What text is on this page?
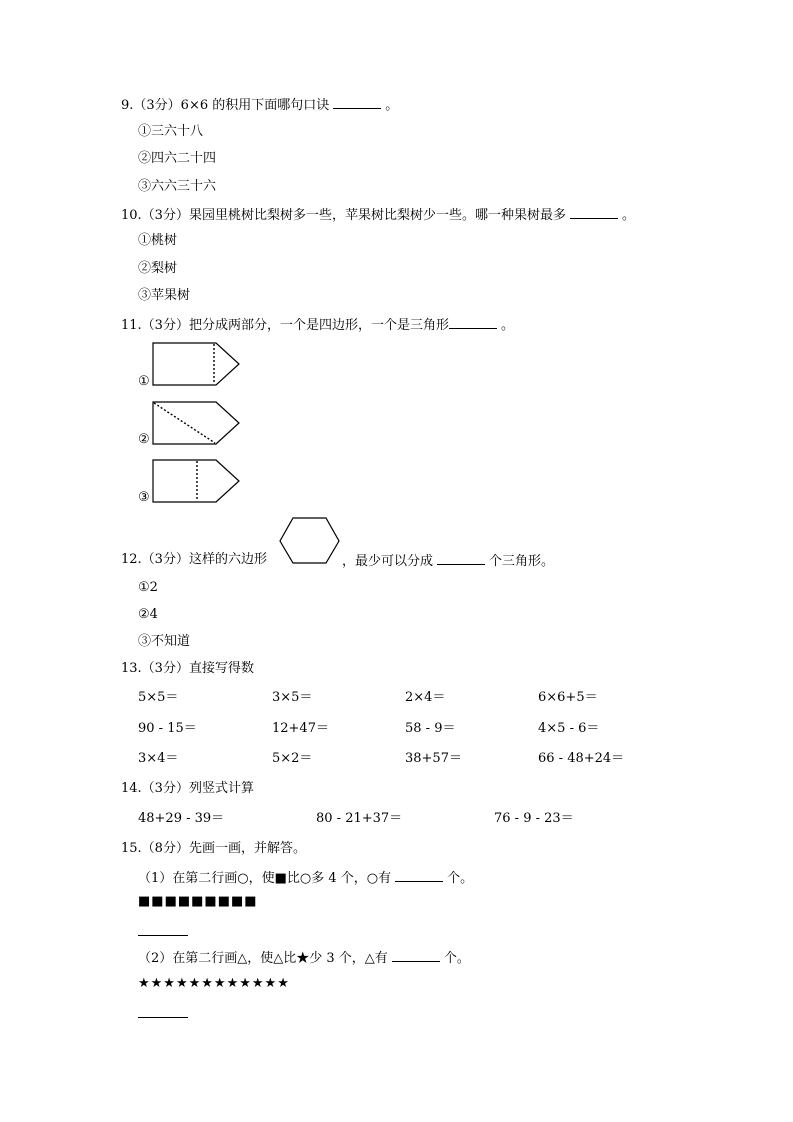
9.（3分）6×6 的积用下面哪句口诀	。
①三六十八
②四六二十四
③六六三十六
10.（3分）果园里桃树比梨树多一些，苹果树比梨树少一些。哪一种果树最多	。
①桃树
②梨树
③苹果树
11.（3分）把分成两部分，一个是四边形，一个是三角形	。
①
②
③
12.（3分）这样的六边形	，最少可以分成	个三角形。
①2
②4
③不知道
13.（3分）直接写得数
5×5＝	3×5＝	2×4＝	6×6+5＝
90 - 15＝	12+47＝	58 - 9＝	4×5 - 6＝
3×4＝	5×2＝	38+57＝	66 - 48+24＝
14.（3分）列竖式计算
48+29 - 39＝	80 - 21+37＝	76 - 9 - 23＝
15.（8分）先画一画，并解答。
（1）在第二行画○，使■比○多 4 个，○有	个。
■■■■■■■■■
（2）在第二行画△，使△比★少 3 个，△有	个。
★★★★★★★★★★★★
